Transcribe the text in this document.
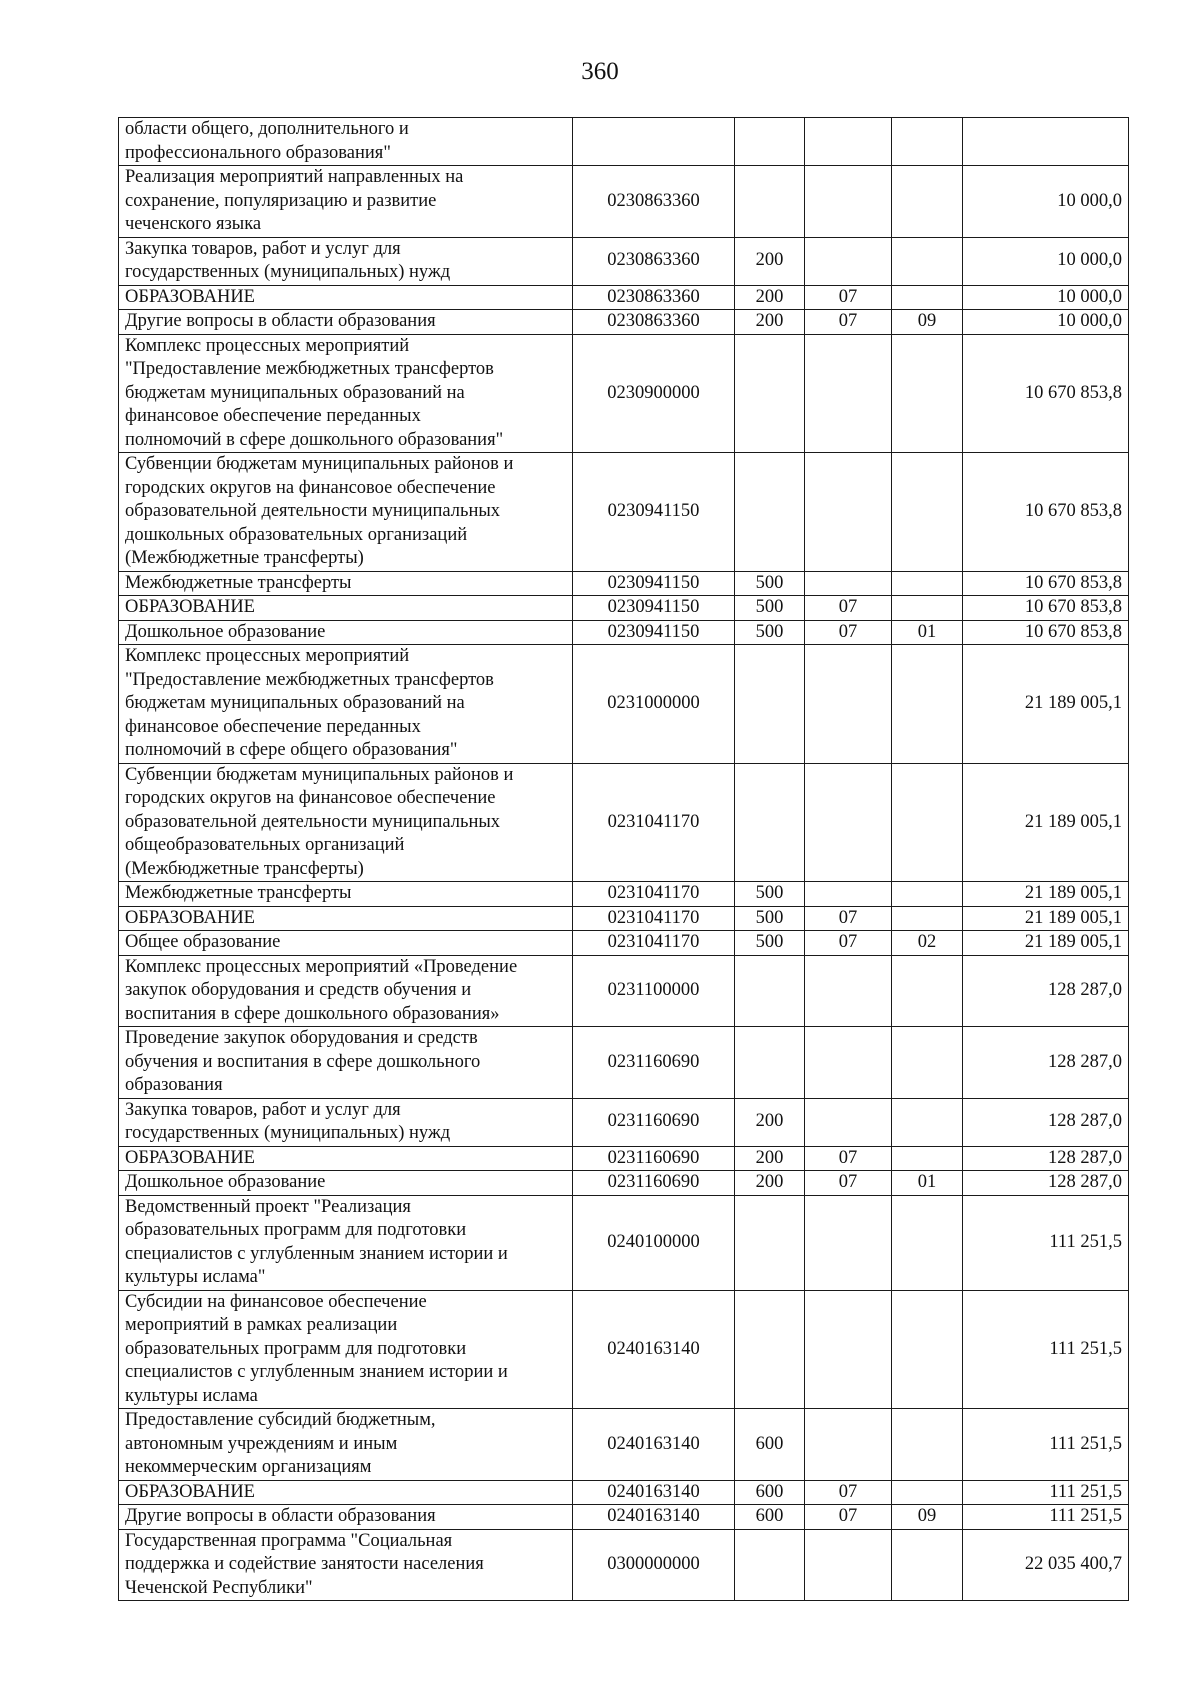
360
области общего, дополнительного и
профессионального образования"					
Реализация мероприятий направленных на
сохранение, популяризацию и развитие
чеченского языка	0230863360				10 000,0
Закупка товаров, работ и услуг для
государственных (муниципальных) нужд	0230863360	200			10 000,0
ОБРАЗОВАНИЕ	0230863360	200	07		10 000,0
Другие вопросы в области образования	0230863360	200	07	09	10 000,0
Комплекс процессных мероприятий
"Предоставление межбюджетных трансфертов
бюджетам муниципальных образований на
финансовое обеспечение переданных
полномочий в сфере дошкольного образования"	0230900000				10 670 853,8
Субвенции бюджетам муниципальных районов и
городских округов на финансовое обеспечение
образовательной деятельности муниципальных
дошкольных образовательных организаций
(Межбюджетные трансферты)	0230941150				10 670 853,8
Межбюджетные трансферты	0230941150	500			10 670 853,8
ОБРАЗОВАНИЕ	0230941150	500	07		10 670 853,8
Дошкольное образование	0230941150	500	07	01	10 670 853,8
Комплекс процессных мероприятий
"Предоставление межбюджетных трансфертов
бюджетам муниципальных образований на
финансовое обеспечение переданных
полномочий в сфере общего образования"	0231000000				21 189 005,1
Субвенции бюджетам муниципальных районов и
городских округов на финансовое обеспечение
образовательной деятельности муниципальных
общеобразовательных организаций
(Межбюджетные трансферты)	0231041170				21 189 005,1
Межбюджетные трансферты	0231041170	500			21 189 005,1
ОБРАЗОВАНИЕ	0231041170	500	07		21 189 005,1
Общее образование	0231041170	500	07	02	21 189 005,1
Комплекс процессных мероприятий «Проведение
закупок оборудования и средств обучения и
воспитания в сфере дошкольного образования»	0231100000				128 287,0
Проведение закупок оборудования и средств
обучения и воспитания в сфере дошкольного
образования	0231160690				128 287,0
Закупка товаров, работ и услуг для
государственных (муниципальных) нужд	0231160690	200			128 287,0
ОБРАЗОВАНИЕ	0231160690	200	07		128 287,0
Дошкольное образование	0231160690	200	07	01	128 287,0
Ведомственный проект "Реализация
образовательных программ для подготовки
специалистов с углубленным знанием истории и
культуры ислама"	0240100000				111 251,5
Субсидии на финансовое обеспечение
мероприятий в рамках реализации
образовательных программ для подготовки
специалистов с углубленным знанием истории и
культуры ислама	0240163140				111 251,5
Предоставление субсидий бюджетным,
автономным учреждениям и иным
некоммерческим организациям	0240163140	600			111 251,5
ОБРАЗОВАНИЕ	0240163140	600	07		111 251,5
Другие вопросы в области образования	0240163140	600	07	09	111 251,5
Государственная программа "Социальная
поддержка и содействие занятости населения
Чеченской Республики"	0300000000				22 035 400,7
